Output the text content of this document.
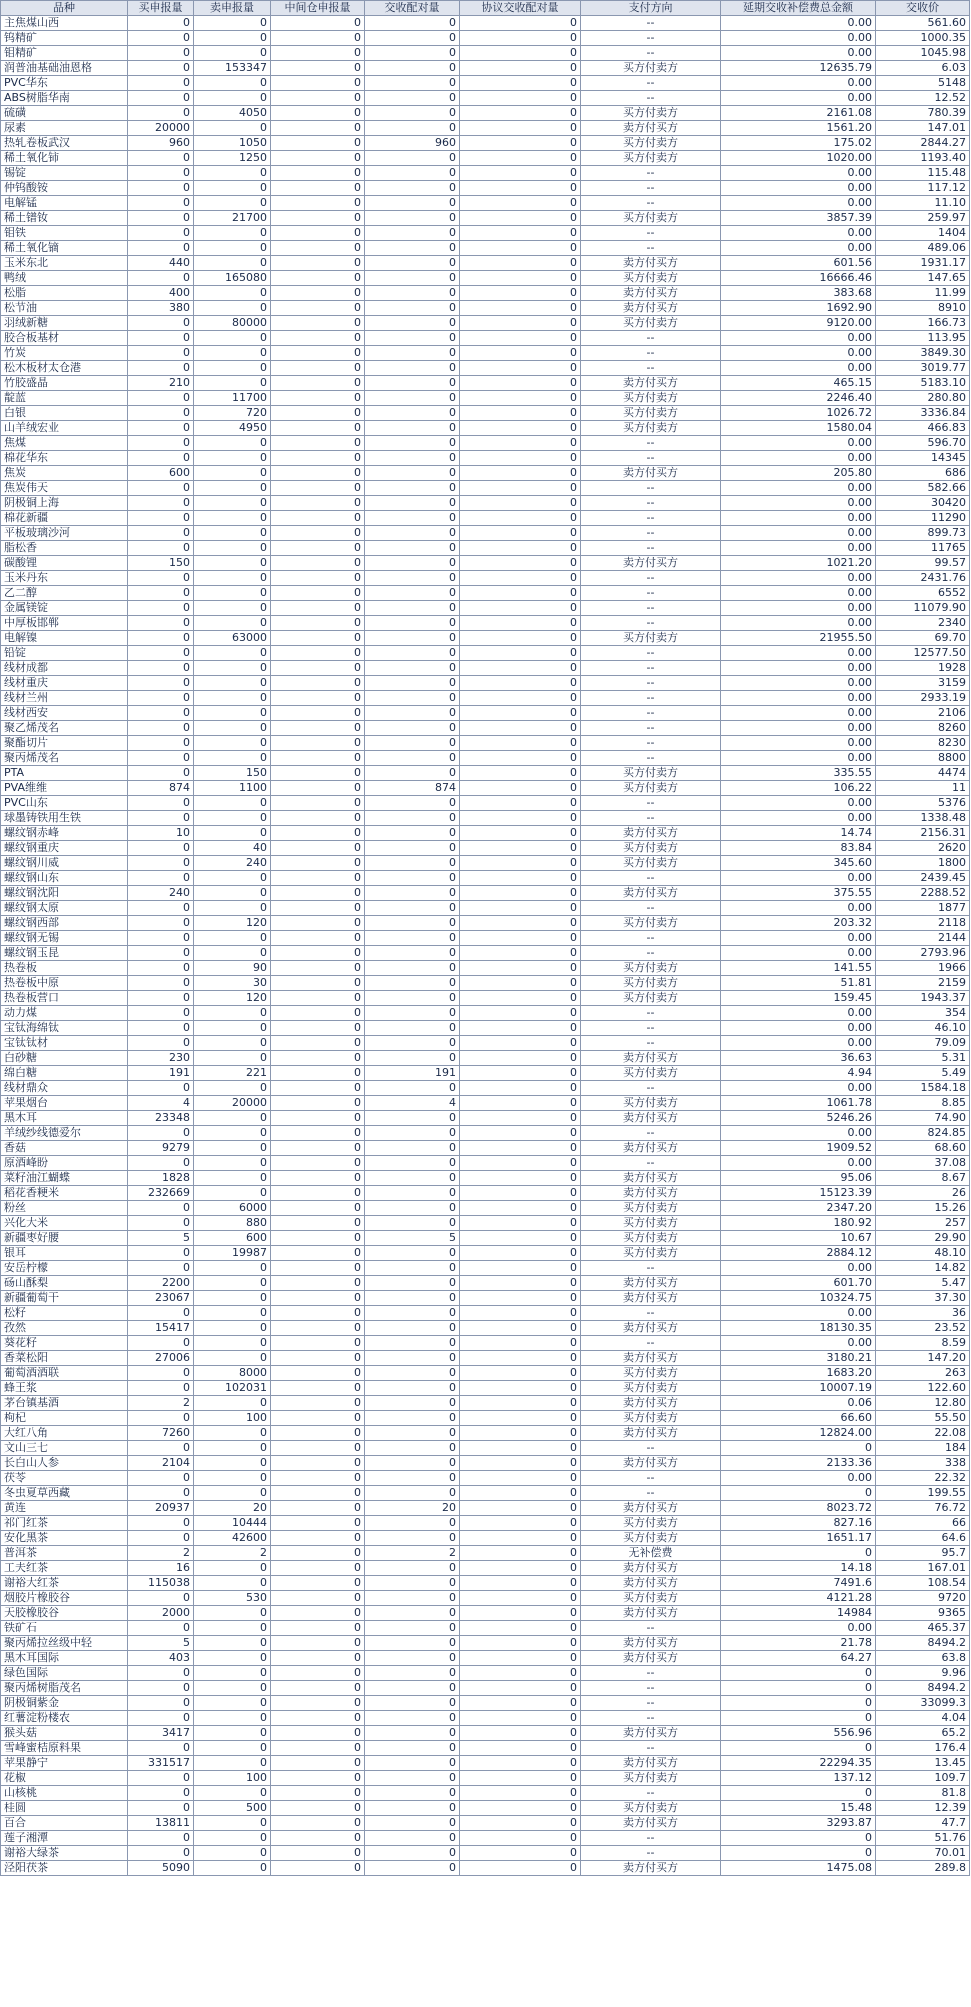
品种	买申报量	卖申报量	中间仓申报量	交收配对量	协议交收配对量	支付方向	延期交收补偿费总金额	交收价
主焦煤山西	0	0	0	0	0	--	0.00	561.60
钨精矿	0	0	0	0	0	--	0.00	1000.35
钼精矿	0	0	0	0	0	--	0.00	1045.98
润普油基础油恩格	0	153347	0	0	0	买方付卖方	12635.79	6.03
PVC华东	0	0	0	0	0	--	0.00	5148
ABS树脂华南	0	0	0	0	0	--	0.00	12.52
硫磺	0	4050	0	0	0	买方付卖方	2161.08	780.39
尿素	20000	0	0	0	0	卖方付买方	1561.20	147.01
热轧卷板武汉	960	1050	0	960	0	买方付卖方	175.02	2844.27
稀土氧化铈	0	1250	0	0	0	买方付卖方	1020.00	1193.40
锡锭	0	0	0	0	0	--	0.00	115.48
仲钨酸铵	0	0	0	0	0	--	0.00	117.12
电解锰	0	0	0	0	0	--	0.00	11.10
稀土镨钕	0	21700	0	0	0	买方付卖方	3857.39	259.97
钼铁	0	0	0	0	0	--	0.00	1404
稀土氧化镝	0	0	0	0	0	--	0.00	489.06
玉米东北	440	0	0	0	0	卖方付买方	601.56	1931.17
鸭绒	0	165080	0	0	0	买方付卖方	16666.46	147.65
松脂	400	0	0	0	0	卖方付买方	383.68	11.99
松节油	380	0	0	0	0	卖方付买方	1692.90	8910
羽绒新糖	0	80000	0	0	0	买方付卖方	9120.00	166.73
胶合板基材	0	0	0	0	0	--	0.00	113.95
竹炭	0	0	0	0	0	--	0.00	3849.30
松木板材太仓港	0	0	0	0	0	--	0.00	3019.77
竹胶盛晶	210	0	0	0	0	卖方付买方	465.15	5183.10
靛蓝	0	11700	0	0	0	买方付卖方	2246.40	280.80
白银	0	720	0	0	0	买方付卖方	1026.72	3336.84
山羊绒宏业	0	4950	0	0	0	买方付卖方	1580.04	466.83
焦煤	0	0	0	0	0	--	0.00	596.70
棉花华东	0	0	0	0	0	--	0.00	14345
焦炭	600	0	0	0	0	卖方付买方	205.80	686
焦炭伟天	0	0	0	0	0	--	0.00	582.66
阴极铜上海	0	0	0	0	0	--	0.00	30420
棉花新疆	0	0	0	0	0	--	0.00	11290
平板玻璃沙河	0	0	0	0	0	--	0.00	899.73
脂松香	0	0	0	0	0	--	0.00	11765
碳酸锂	150	0	0	0	0	卖方付买方	1021.20	99.57
玉米丹东	0	0	0	0	0	--	0.00	2431.76
乙二醇	0	0	0	0	0	--	0.00	6552
金属镁锭	0	0	0	0	0	--	0.00	11079.90
中厚板邯郸	0	0	0	0	0	--	0.00	2340
电解镍	0	63000	0	0	0	买方付卖方	21955.50	69.70
铅锭	0	0	0	0	0	--	0.00	12577.50
线材成都	0	0	0	0	0	--	0.00	1928
线材重庆	0	0	0	0	0	--	0.00	3159
线材兰州	0	0	0	0	0	--	0.00	2933.19
线材西安	0	0	0	0	0	--	0.00	2106
聚乙烯茂名	0	0	0	0	0	--	0.00	8260
聚酯切片	0	0	0	0	0	--	0.00	8230
聚丙烯茂名	0	0	0	0	0	--	0.00	8800
PTA	0	150	0	0	0	买方付卖方	335.55	4474
PVA维维	874	1100	0	874	0	买方付卖方	106.22	11
PVC山东	0	0	0	0	0	--	0.00	5376
球墨铸铁用生铁	0	0	0	0	0	--	0.00	1338.48
螺纹钢赤峰	10	0	0	0	0	卖方付买方	14.74	2156.31
螺纹钢重庆	0	40	0	0	0	买方付卖方	83.84	2620
螺纹钢川威	0	240	0	0	0	买方付卖方	345.60	1800
螺纹钢山东	0	0	0	0	0	--	0.00	2439.45
螺纹钢沈阳	240	0	0	0	0	卖方付买方	375.55	2288.52
螺纹钢太原	0	0	0	0	0	--	0.00	1877
螺纹钢西部	0	120	0	0	0	买方付卖方	203.32	2118
螺纹钢无锡	0	0	0	0	0	--	0.00	2144
螺纹钢玉昆	0	0	0	0	0	--	0.00	2793.96
热卷板	0	90	0	0	0	买方付卖方	141.55	1966
热卷板中原	0	30	0	0	0	买方付卖方	51.81	2159
热卷板营口	0	120	0	0	0	买方付卖方	159.45	1943.37
动力煤	0	0	0	0	0	--	0.00	354
宝钛海绵钛	0	0	0	0	0	--	0.00	46.10
宝钛钛材	0	0	0	0	0	--	0.00	79.09
白砂糖	230	0	0	0	0	卖方付买方	36.63	5.31
绵白糖	191	221	0	191	0	买方付卖方	4.94	5.49
线材鼎众	0	0	0	0	0	--	0.00	1584.18
苹果烟台	4	20000	0	4	0	买方付卖方	1061.78	8.85
黑木耳	23348	0	0	0	0	卖方付买方	5246.26	74.90
羊绒纱线德爱尔	0	0	0	0	0	--	0.00	824.85
香菇	9279	0	0	0	0	卖方付买方	1909.52	68.60
原酒峰盼	0	0	0	0	0	--	0.00	37.08
菜籽油江蝴蝶	1828	0	0	0	0	卖方付买方	95.06	8.67
稻花香粳米	232669	0	0	0	0	卖方付买方	15123.39	26
粉丝	0	6000	0	0	0	买方付卖方	2347.20	15.26
兴化大米	0	880	0	0	0	买方付卖方	180.92	257
新疆枣好腰	5	600	0	5	0	买方付卖方	10.67	29.90
银耳	0	19987	0	0	0	买方付卖方	2884.12	48.10
安岳柠檬	0	0	0	0	0	--	0.00	14.82
砀山酥梨	2200	0	0	0	0	卖方付买方	601.70	5.47
新疆葡萄干	23067	0	0	0	0	卖方付买方	10324.75	37.30
松籽	0	0	0	0	0	--	0.00	36
孜然	15417	0	0	0	0	卖方付买方	18130.35	23.52
葵花籽	0	0	0	0	0	--	0.00	8.59
香菜松阳	27006	0	0	0	0	卖方付买方	3180.21	147.20
葡萄酒酒联	0	8000	0	0	0	买方付卖方	1683.20	263
蜂王浆	0	102031	0	0	0	买方付卖方	10007.19	122.60
茅台镇基酒	2	0	0	0	0	卖方付买方	0.06	12.80
枸杞	0	100	0	0	0	买方付卖方	66.60	55.50
大红八角	7260	0	0	0	0	卖方付买方	12824.00	22.08
文山三七	0	0	0	0	0	--	0	184
长白山人参	2104	0	0	0	0	卖方付买方	2133.36	338
茯苓	0	0	0	0	0	--	0.00	22.32
冬虫夏草西藏	0	0	0	0	0	--	0	199.55
黄连	20937	20	0	20	0	卖方付买方	8023.72	76.72
祁门红茶	0	10444	0	0	0	买方付卖方	827.16	66
安化黑茶	0	42600	0	0	0	买方付卖方	1651.17	64.6
普洱茶	2	2	0	2	0	无补偿费	0	95.7
工夫红茶	16	0	0	0	0	卖方付买方	14.18	167.01
谢裕大红茶	115038	0	0	0	0	卖方付买方	7491.6	108.54
烟胶片橡胶谷	0	530	0	0	0	买方付卖方	4121.28	9720
天胶橡胶谷	2000	0	0	0	0	卖方付买方	14984	9365
铁矿石	0	0	0	0	0	--	0.00	465.37
聚丙烯拉丝级中轻	5	0	0	0	0	卖方付买方	21.78	8494.2
黑木耳国际	403	0	0	0	0	卖方付买方	64.27	63.8
绿色国际	0	0	0	0	0	--	0	9.96
聚丙烯树脂茂名	0	0	0	0	0	--	0	8494.2
阴极铜紫金	0	0	0	0	0	--	0	33099.3
红薯淀粉楼农	0	0	0	0	0	--	0	4.04
猴头菇	3417	0	0	0	0	卖方付买方	556.96	65.2
雪峰蜜桔原料果	0	0	0	0	0	--	0	176.4
苹果静宁	331517	0	0	0	0	卖方付买方	22294.35	13.45
花椒	0	100	0	0	0	买方付卖方	137.12	109.7
山核桃	0	0	0	0	0	--	0	81.8
桂圆	0	500	0	0	0	买方付卖方	15.48	12.39
百合	13811	0	0	0	0	卖方付买方	3293.87	47.7
莲子湘潭	0	0	0	0	0	--	0	51.76
谢裕大绿茶	0	0	0	0	0	--	0	70.01
泾阳茯茶	5090	0	0	0	0	卖方付买方	1475.08	289.8
